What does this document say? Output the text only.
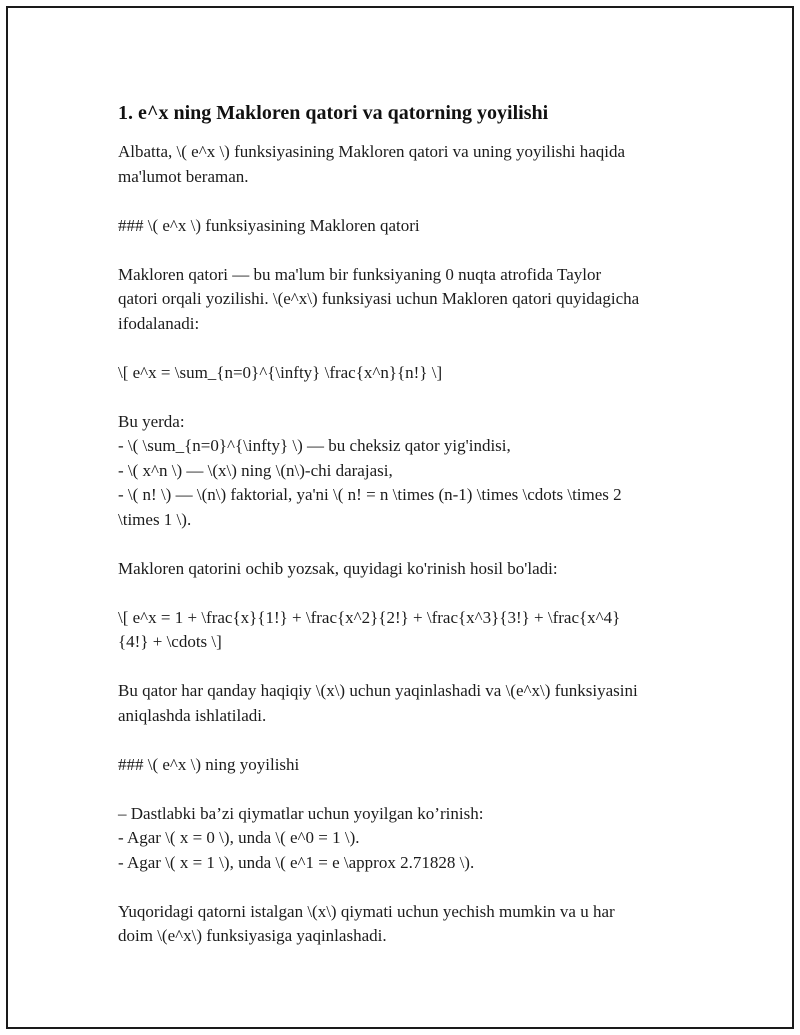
1. e^x ning Makloren qatori va qatorning yoyilishi

Albatta, \( e^x \) funksiyasining Makloren qatori va uning yoyilishi haqida
ma'lumot beraman.

### \( e^x \) funksiyasining Makloren qatori

Makloren qatori — bu ma'lum bir funksiyaning 0 nuqta atrofida Taylor
qatori orqali yozilishi. \(e^x\) funksiyasi uchun Makloren qatori quyidagicha
ifodalanadi:

\[ e^x = \sum_{n=0}^{\infty} \frac{x^n}{n!} \]

Bu yerda:
- \( \sum_{n=0}^{\infty} \) — bu cheksiz qator yig'indisi,
- \( x^n \) — \(x\) ning \(n\)-chi darajasi,
- \( n! \) — \(n\) faktorial, ya'ni \( n! = n \times (n-1) \times \cdots \times 2
\times 1 \).

Makloren qatorini ochib yozsak, quyidagi ko'rinish hosil bo'ladi:

\[ e^x = 1 + \frac{x}{1!} + \frac{x^2}{2!} + \frac{x^3}{3!} + \frac{x^4}
{4!} + \cdots \]

Bu qator har qanday haqiqiy \(x\) uchun yaqinlashadi va \(e^x\) funksiyasini
aniqlashda ishlatiladi.

### \( e^x \) ning yoyilishi

– Dastlabki ba’zi qiymatlar uchun yoyilgan ko’rinish:
- Agar \( x = 0 \), unda \( e^0 = 1 \).
- Agar \( x = 1 \), unda \( e^1 = e \approx 2.71828 \).

Yuqoridagi qatorni istalgan \(x\) qiymati uchun yechish mumkin va u har
doim \(e^x\) funksiyasiga yaqinlashadi.
